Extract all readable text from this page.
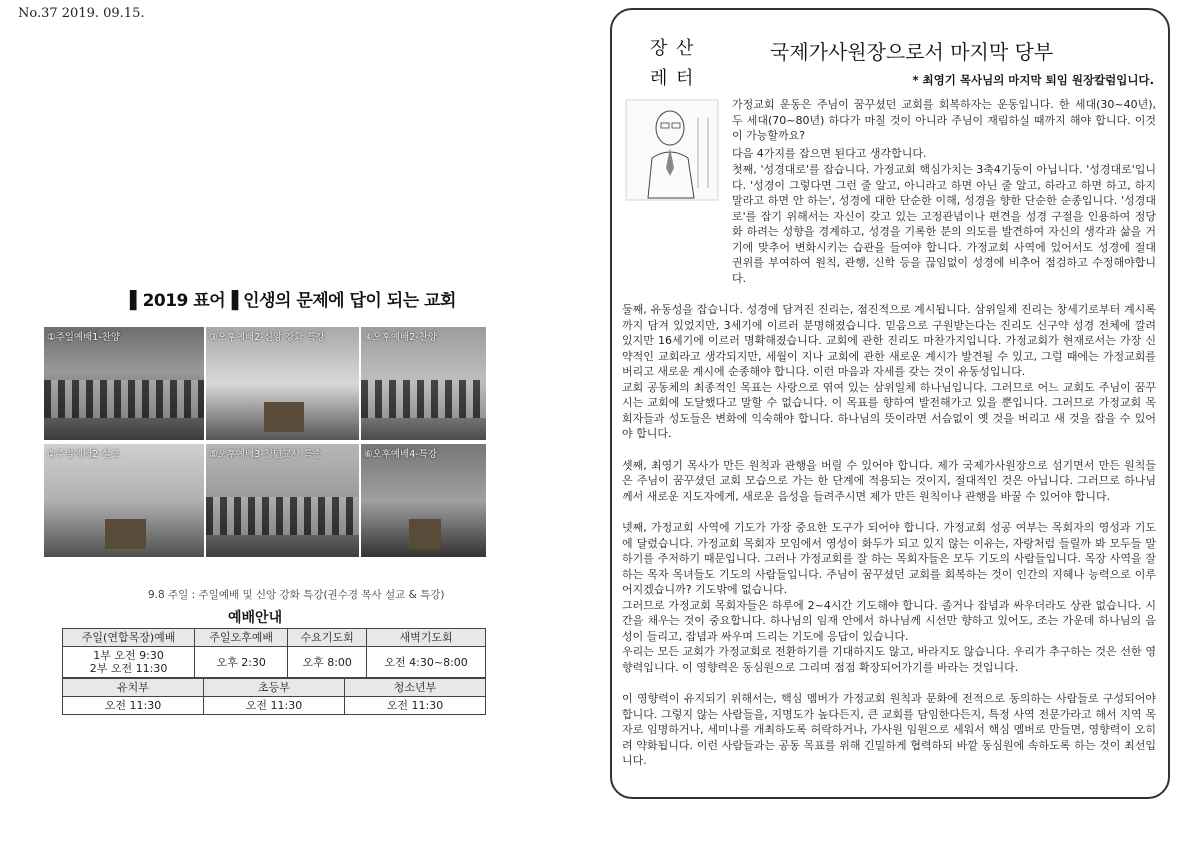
No.37 2019. 09.15.
▌2019 표어▐ 인생의 문제에 답이 되는 교회
①주일예배1-찬양	③오후예배2-신앙 강화 특강	④오후예배2-찬양
②주일예배2-설교	⑤오후예배3-청년교사 특송	⑥오후예배4-특강
9.8 주일 : 주일예배 및 신앙 강화 특강(권수경 목사 설교 & 특강)
예배안내
주일(연합목장)예배	주일오후예배	수요기도회	새벽기도회

1부 오전 9:30
2부 오전 11:30	오후 2:30	오후 8:00	오전 4:30~8:00
유치부	초등부	청소년부
오전 11:30	오전 11:30	오전 11:30
장 산
레 터
국제가사원장으로서 마지막 당부
* 최영기 목사님의 마지막 퇴임 원장칼럼입니다.

가정교회 운동은 주님이 꿈꾸셨던 교회를 회복하자는 운동입니다. 한 세대(30~40년), 두 세대(70~80년) 하다가 마칠 것이 아니라 주님이 재림하실 때까지 해야 합니다. 이것이 가능할까요?

다음 4가지를 잡으면 된다고 생각합니다.

첫째, '성경대로'를 잡습니다. 가정교회 핵심가치는 3축4기둥이 아닙니다. '성경대로'입니다. '성경이 그렇다면 그런 줄 알고, 아니라고 하면 아닌 줄 알고, 하라고 하면 하고, 하지 말라고 하면 안 하는', 성경에 대한 단순한 이해, 성경을 향한 단순한 순종입니다. '성경대로'를 잡기 위해서는 자신이 갖고 있는 고정관념이나 편견을 성경 구절을 인용하여 정당화 하려는 성향을 경계하고, 성경을 기록한 분의 의도를 발견하여 자신의 생각과 삶을 거기에 맞추어 변화시키는 습관을 들여야 합니다. 가정교회 사역에 있어서도 성경에 절대 권위를 부여하여 원칙, 관행, 신학 등을 끊임없이 성경에 비추어 점검하고 수정해야합니다.

둘째, 유동성을 잡습니다. 성경에 담겨진 진리는, 점진적으로 계시됩니다. 삼위일체 진리는 창세기로부터 계시록까지 담겨 있었지만, 3세기에 이르러 분명해졌습니다. 믿음으로 구원받는다는 진리도 신구약 성경 전체에 깔려 있지만 16세기에 이르러 명확해졌습니다. 교회에 관한 진리도 마찬가지입니다. 가정교회가 현재로서는 가장 신약적인 교회라고 생각되지만, 세월이 지나 교회에 관한 새로운 계시가 발견될 수 있고, 그럴 때에는 가정교회를 버리고 새로운 계시에 순종해야 합니다. 이런 마음과 자세를 갖는 것이 유동성입니다.

교회 공동체의 최종적인 목표는 사랑으로 엮여 있는 삼위일체 하나님입니다. 그러므로 어느 교회도 주님이 꿈꾸시는 교회에 도달했다고 말할 수 없습니다. 이 목표를 향하여 발전해가고 있을 뿐입니다. 그러므로 가정교회 목회자들과 성도들은 변화에 익숙해야 합니다. 하나님의 뜻이라면 서슴없이 옛 것을 버리고 새 것을 잡을 수 있어야 합니다.

셋째, 최영기 목사가 만든 원칙과 관행을 버릴 수 있어야 합니다. 제가 국제가사원장으로 섬기면서 만든 원칙들은 주님이 꿈꾸셨던 교회 모습으로 가는 한 단계에 적용되는 것이지, 절대적인 것은 아닙니다. 그러므로 하나님께서 새로운 지도자에게, 새로운 음성을 들려주시면 제가 만든 원칙이나 관행을 바꿀 수 있어야 합니다.

넷째, 가정교회 사역에 기도가 가장 중요한 도구가 되어야 합니다. 가정교회 성공 여부는 목회자의 영성과 기도에 달렸습니다. 가정교회 목회자 모임에서 영성이 화두가 되고 있지 않는 이유는, 자랑처럼 들릴까 봐 모두들 말하기를 주저하기 때문입니다. 그러나 가정교회를 잘 하는 목회자들은 모두 기도의 사람들입니다. 목장 사역을 잘 하는 목자 목녀들도 기도의 사람들입니다. 주님이 꿈꾸셨던 교회를 회복하는 것이 인간의 지혜나 능력으로 이루어지겠습니까? 기도밖에 없습니다.

그러므로 가정교회 목회자들은 하루에 2~4시간 기도해야 합니다. 졸거나 잡념과 싸우더라도 상관 없습니다. 시간을 채우는 것이 중요합니다. 하나님의 임재 안에서 하나님께 시선만 향하고 있어도, 조는 가운데 하나님의 음성이 들리고, 잡념과 싸우며 드리는 기도에 응답이 있습니다.

우리는 모든 교회가 가정교회로 전환하기를 기대하지도 않고, 바라지도 않습니다. 우리가 추구하는 것은 선한 영향력입니다. 이 영향력은 동심원으로 그리며 점점 확장되어가기를 바라는 것입니다.

이 영향력이 유지되기 위해서는, 핵심 멤버가 가정교회 원칙과 문화에 전적으로 동의하는 사람들로 구성되어야 합니다. 그렇지 않는 사람들을, 지명도가 높다든지, 큰 교회를 담임한다든지, 특정 사역 전문가라고 해서 지역 목자로 임명하거나, 세미나를 개최하도록 허락하거나, 가사원 임원으로 세워서 핵심 멤버로 만들면, 영향력이 오히려 약화됩니다. 이런 사람들과는 공동 목표를 위해 긴밀하게 협력하되 바깥 동심원에 속하도록 하는 것이 최선입니다.
